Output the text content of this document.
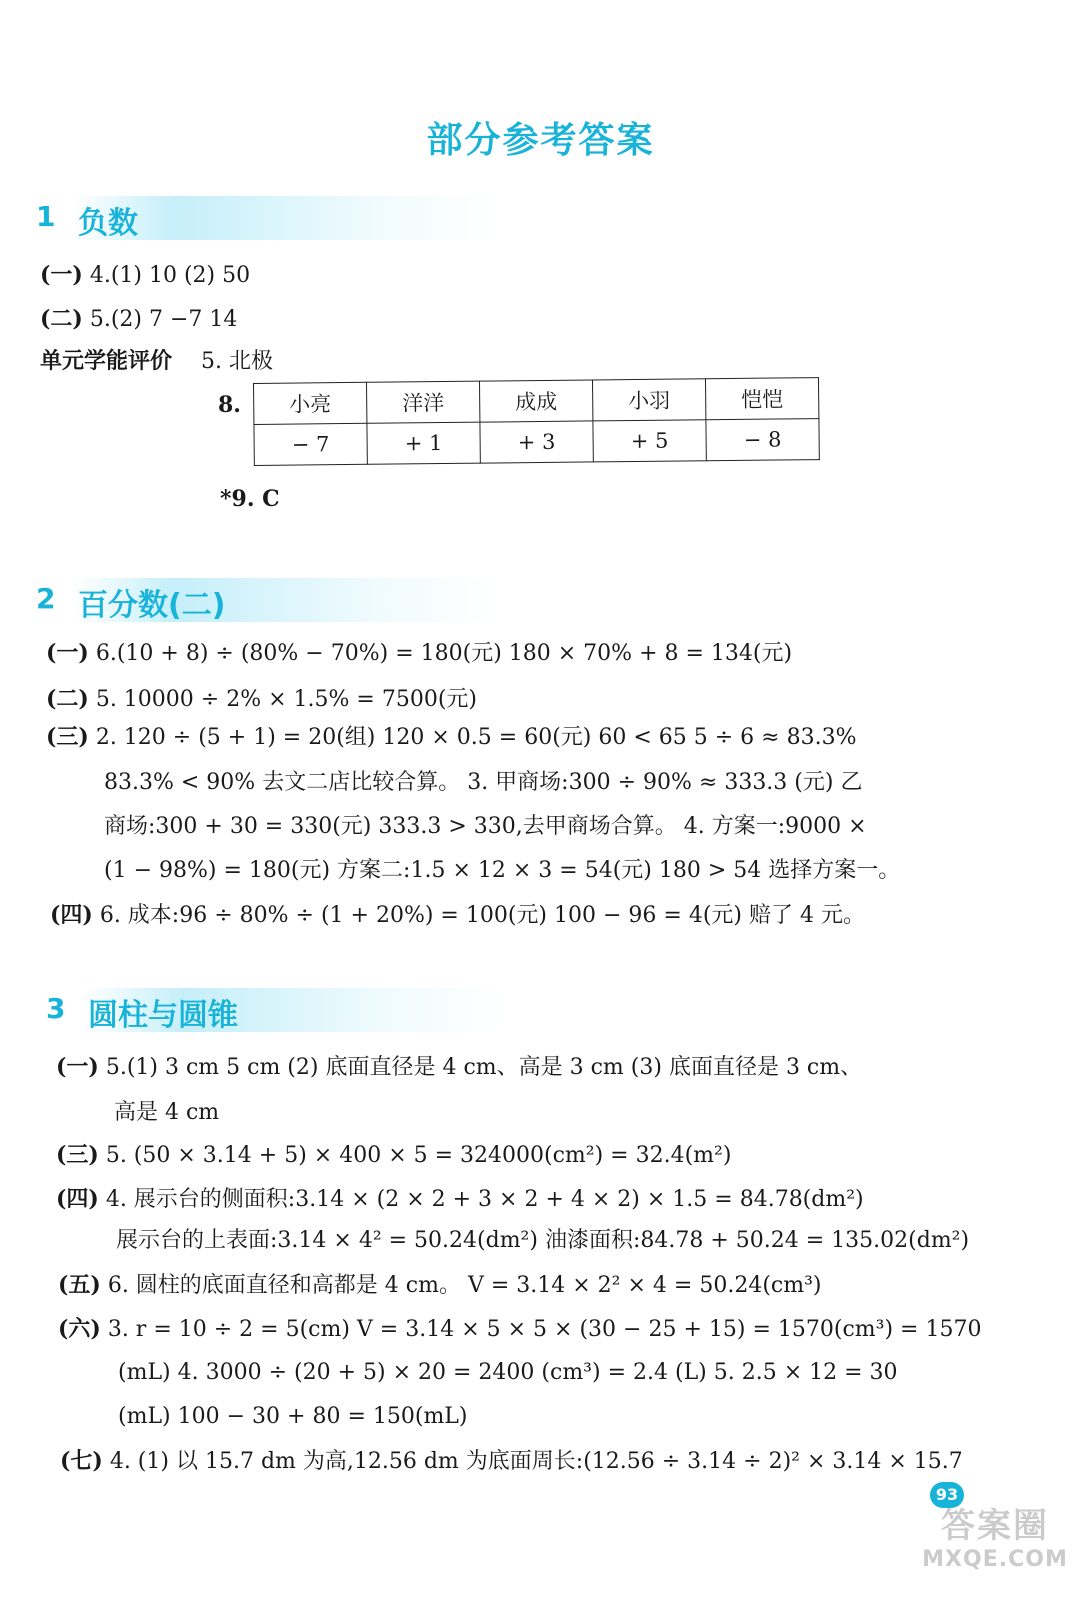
部分参考答案
1 负数
(一) 4.(1) 10 (2) 50
(二) 5.(2) 7 −7 14
单元学能评价 5. 北极
8. 小亮	洋洋	成成	小羽	恺恺
− 7	+ 1	+ 3	+ 5	− 8
*9. C
2 百分数(二)
(一) 6.(10 + 8) ÷ (80% − 70%) = 180(元) 180 × 70% + 8 = 134(元)
(二) 5. 10000 ÷ 2% × 1.5% = 7500(元)
(三) 2. 120 ÷ (5 + 1) = 20(组) 120 × 0.5 = 60(元) 60 < 65 5 ÷ 6 ≈ 83.3%
83.3% < 90% 去文二店比较合算。 3. 甲商场:300 ÷ 90% ≈ 333.3 (元) 乙
商场:300 + 30 = 330(元) 333.3 > 330,去甲商场合算。 4. 方案一:9000 ×
(1 − 98%) = 180(元) 方案二:1.5 × 12 × 3 = 54(元) 180 > 54 选择方案一。
(四) 6. 成本:96 ÷ 80% ÷ (1 + 20%) = 100(元) 100 − 96 = 4(元) 赔了 4 元。
3 圆柱与圆锥
(一) 5.(1) 3 cm 5 cm (2) 底面直径是 4 cm、高是 3 cm (3) 底面直径是 3 cm、
高是 4 cm
(三) 5. (50 × 3.14 + 5) × 400 × 5 = 324000(cm²) = 32.4(m²)
(四) 4. 展示台的侧面积:3.14 × (2 × 2 + 3 × 2 + 4 × 2) × 1.5 = 84.78(dm²)
展示台的上表面:3.14 × 4² = 50.24(dm²) 油漆面积:84.78 + 50.24 = 135.02(dm²)
(五) 6. 圆柱的底面直径和高都是 4 cm。 V = 3.14 × 2² × 4 = 50.24(cm³)
(六) 3. r = 10 ÷ 2 = 5(cm) V = 3.14 × 5 × 5 × (30 − 25 + 15) = 1570(cm³) = 1570
(mL) 4. 3000 ÷ (20 + 5) × 20 = 2400 (cm³) = 2.4 (L) 5. 2.5 × 12 = 30
(mL) 100 − 30 + 80 = 150(mL)
(七) 4. (1) 以 15.7 dm 为高,12.56 dm 为底面周长:(12.56 ÷ 3.14 ÷ 2)² × 3.14 × 15.7
93
答案圈
MXQE.COM
